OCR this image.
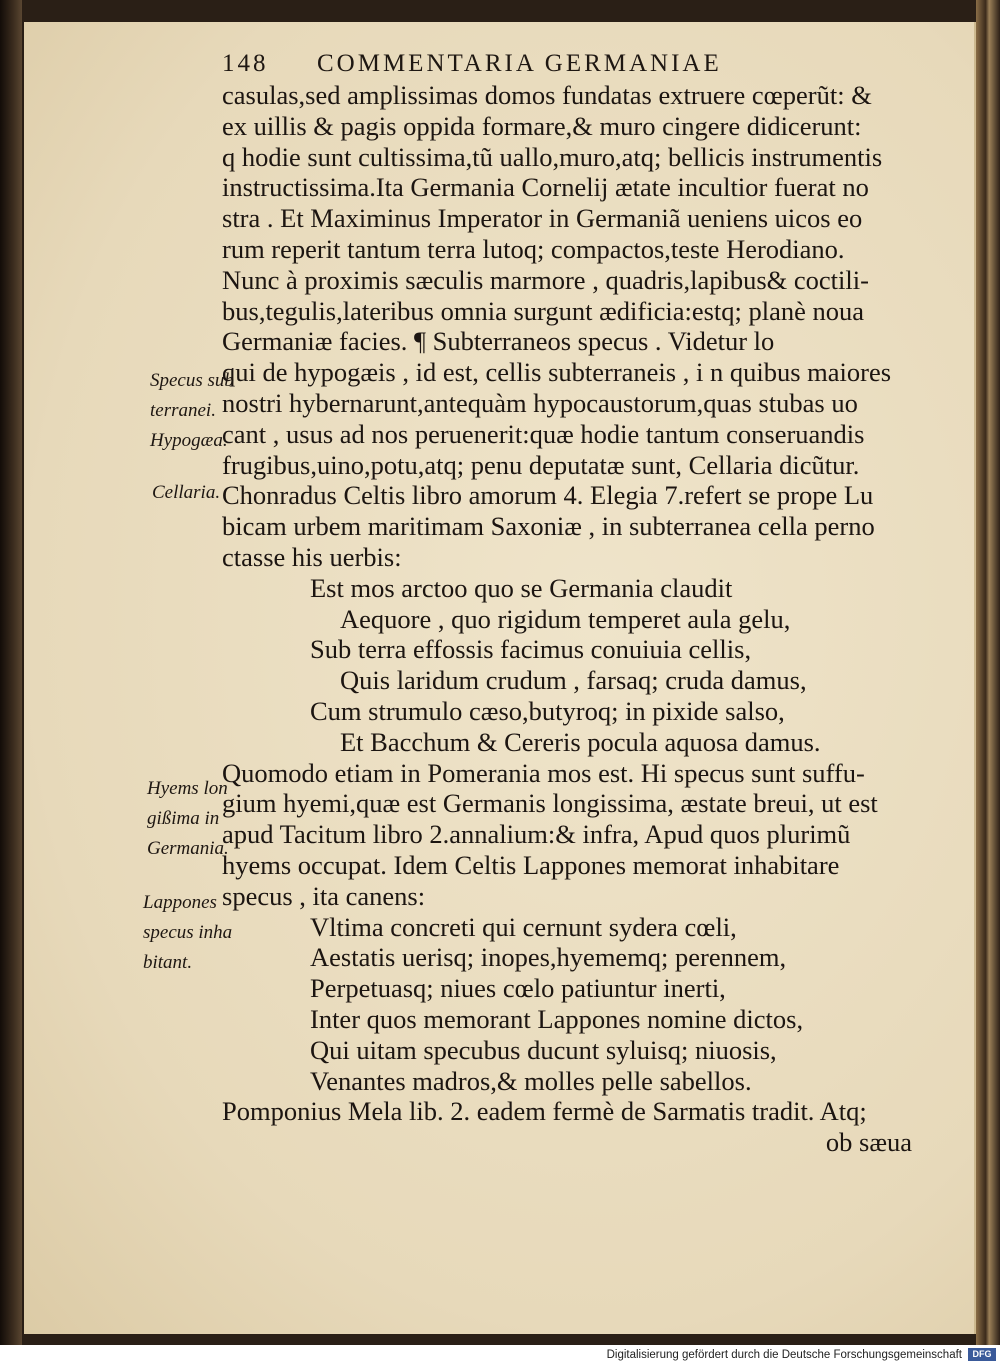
148 COMMENTARIA GERMANIAE
casulas,sed amplissimas domos fundatas extruere cœperũt: &
ex uillis & pagis oppida formare,& muro cingere didicerunt:
q hodie sunt cultissima,tũ uallo,muro,atq; bellicis instrumentis
instructissima.Ita Germania Cornelij ætate incultior fuerat no
stra . Et Maximinus Imperator in Germaniã ueniens uicos eo
rum reperit tantum terra lutoq; compactos,teste Herodiano.
Nunc à proximis sæculis marmore , quadris,lapibus& coctili-
bus,tegulis,lateribus omnia surgunt ædificia:estq; planè noua
Germaniæ facies. ¶ Subterraneos specus . Videtur lo
qui de hypogæis , id est, cellis subterraneis , i n quibus maiores
nostri hybernarunt,antequàm hypocaustorum,quas stubas uo
cant , usus ad nos peruenerit:quæ hodie tantum conseruandis
frugibus,uino,potu,atq; penu deputatæ sunt, Cellaria dicũtur.
Chonradus Celtis libro amorum 4. Elegia 7.refert se prope Lu
bicam urbem maritimam Saxoniæ , in subterranea cella perno
ctasse his uerbis:
Est mos arctoo quo se Germania claudit
Aequore , quo rigidum temperet aula gelu,
Sub terra effossis facimus conuiuia cellis,
Quis laridum crudum , farsaq; cruda damus,
Cum strumulo cæso,butyroq; in pixide salso,
Et Bacchum & Cereris pocula aquosa damus.
Quomodo etiam in Pomerania mos est. Hi specus sunt suffu-
gium hyemi,quæ est Germanis longissima, æstate breui, ut est
apud Tacitum libro 2.annalium:& infra, Apud quos plurimũ
hyems occupat. Idem Celtis Lappones memorat inhabitare
specus , ita canens:
Vltima concreti qui cernunt sydera cœli,
Aestatis uerisq; inopes,hyememq; perennem,
Perpetuasq; niues cœlo patiuntur inerti,
Inter quos memorant Lappones nomine dictos,
Qui uitam specubus ducunt syluisq; niuosis,
Venantes madros,& molles pelle sabellos.
Pomponius Mela lib. 2. eadem fermè de Sarmatis tradit. Atq;
ob sæua
Specus sub
terranei.
Hypogæa.
Cellaria.
Hyems lon
gißima in
Germania.
Lappones
specus inha
bitant.
Digitalisierung gefördert durch die Deutsche Forschungsgemeinschaft	DFG
